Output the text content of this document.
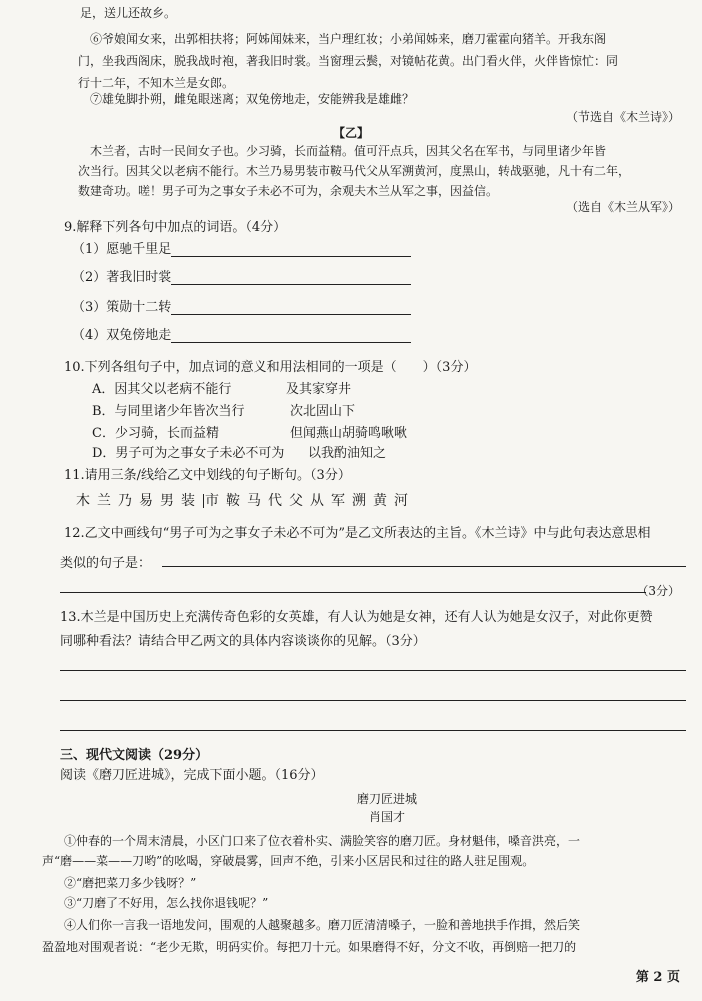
足，送儿还故乡。
⑥爷娘闻女来，出郭相扶将；阿姊闻妹来，当户理红妆；小弟闻姊来，磨刀霍霍向猪羊。开我东阁
门，坐我西阁床，脱我战时袍，著我旧时裳。当窗理云鬓，对镜帖花黄。出门看火伴，火伴皆惊忙：同
行十二年，不知木兰是女郎。
⑦雄兔脚扑朔，雌兔眼迷离；双兔傍地走，安能辨我是雄雌？
（节选自《木兰诗》）
【乙】
木兰者，古时一民间女子也。少习骑，长而益精。值可汗点兵，因其父名在军书，与同里诸少年皆
次当行。因其父以老病不能行。木兰乃易男装市鞍马代父从军溯黄河，度黑山，转战驱驰，凡十有二年，
数建奇功。嗟！男子可为之事女子未必不可为，余观夫木兰从军之事，因益信。
（选自《木兰从军》）
9.解释下列各句中加点的词语。（4分）
（1）愿驰千里足
（2）著我旧时裳
（3）策勋十二转
（4）双兔傍地走
10.下列各组句子中，加点词的意义和用法相同的一项是（　　）（3分）
A．因其父以老病不能行	及其家穿井
B．与同里诸少年皆次当行	次北固山下
C．少习骑，长而益精	但闻燕山胡骑鸣啾啾
D．男子可为之事女子未必不可为 以我酌油知之
11.请用三条/线给乙文中划线的句子断句。（3分）
木兰乃易男装 市鞍马代父从军溯黄河
12.乙文中画线句“男子可为之事女子未必不可为”是乙文所表达的主旨。《木兰诗》中与此句表达意思相
类似的句子是：
（3分）
13.木兰是中国历史上充满传奇色彩的女英雄，有人认为她是女神，还有人认为她是女汉子，对此你更赞
同哪种看法？请结合甲乙两文的具体内容谈谈你的见解。（3分）
三、现代文阅读（29分）
阅读《磨刀匠进城》，完成下面小题。（16分）
磨刀匠进城
肖国才
①仲春的一个周末清晨，小区门口来了位衣着朴实、满脸笑容的磨刀匠。身材魁伟，嗓音洪亮，一
声“磨——菜——刀哟”的吆喝，穿破晨雾，回声不绝，引来小区居民和过往的路人驻足围观。
②“磨把菜刀多少钱呀？”
③“刀磨了不好用，怎么找你退钱呢？”
④人们你一言我一语地发问，围观的人越聚越多。磨刀匠清清嗓子，一脸和善地拱手作揖，然后笑
盈盈地对围观者说：“老少无欺，明码实价。每把刀十元。如果磨得不好，分文不收，再倒赔一把刀的
第 2 页
